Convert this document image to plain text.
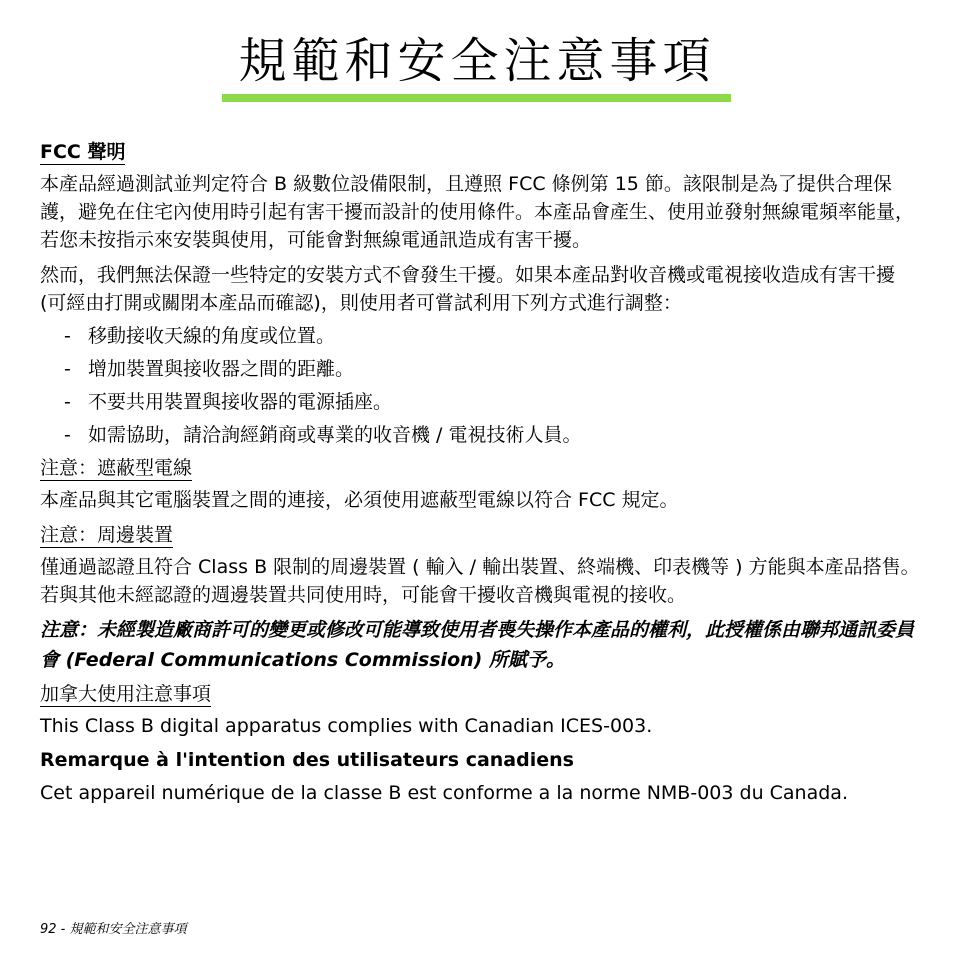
規範和安全注意事項
FCC 聲明
本產品經過測試並判定符合 B 級數位設備限制，且遵照 FCC 條例第 15 節。該限制是為了提供合理保護，避免在住宅內使用時引起有害干擾而設計的使用條件。本產品會產生、使用並發射無線電頻率能量，若您未按指示來安裝與使用，可能會對無線電通訊造成有害干擾。
然而，我們無法保證一些特定的安裝方式不會發生干擾。如果本產品對收音機或電視接收造成有害干擾 (可經由打開或關閉本產品而確認)，則使用者可嘗試利用下列方式進行調整：
- 移動接收天線的角度或位置。
- 增加裝置與接收器之間的距離。
- 不要共用裝置與接收器的電源插座。
- 如需協助，請洽詢經銷商或專業的收音機 / 電視技術人員。
注意：遮蔽型電線
本產品與其它電腦裝置之間的連接，必須使用遮蔽型電線以符合 FCC 規定。
注意：周邊裝置
僅通過認證且符合 Class B 限制的周邊裝置 ( 輸入 / 輸出裝置、終端機、印表機等 ) 方能與本產品搭售。若與其他未經認證的週邊裝置共同使用時，可能會干擾收音機與電視的接收。
注意：未經製造廠商許可的變更或修改可能導致使用者喪失操作本產品的權利，此授權係由聯邦通訊委員會 (Federal Communications Commission) 所賦予。
加拿大使用注意事項
This Class B digital apparatus complies with Canadian ICES-003.
Remarque à l'intention des utilisateurs canadiens
Cet appareil numérique de la classe B est conforme a la norme NMB-003 du Canada.
92 - 規範和安全注意事項
